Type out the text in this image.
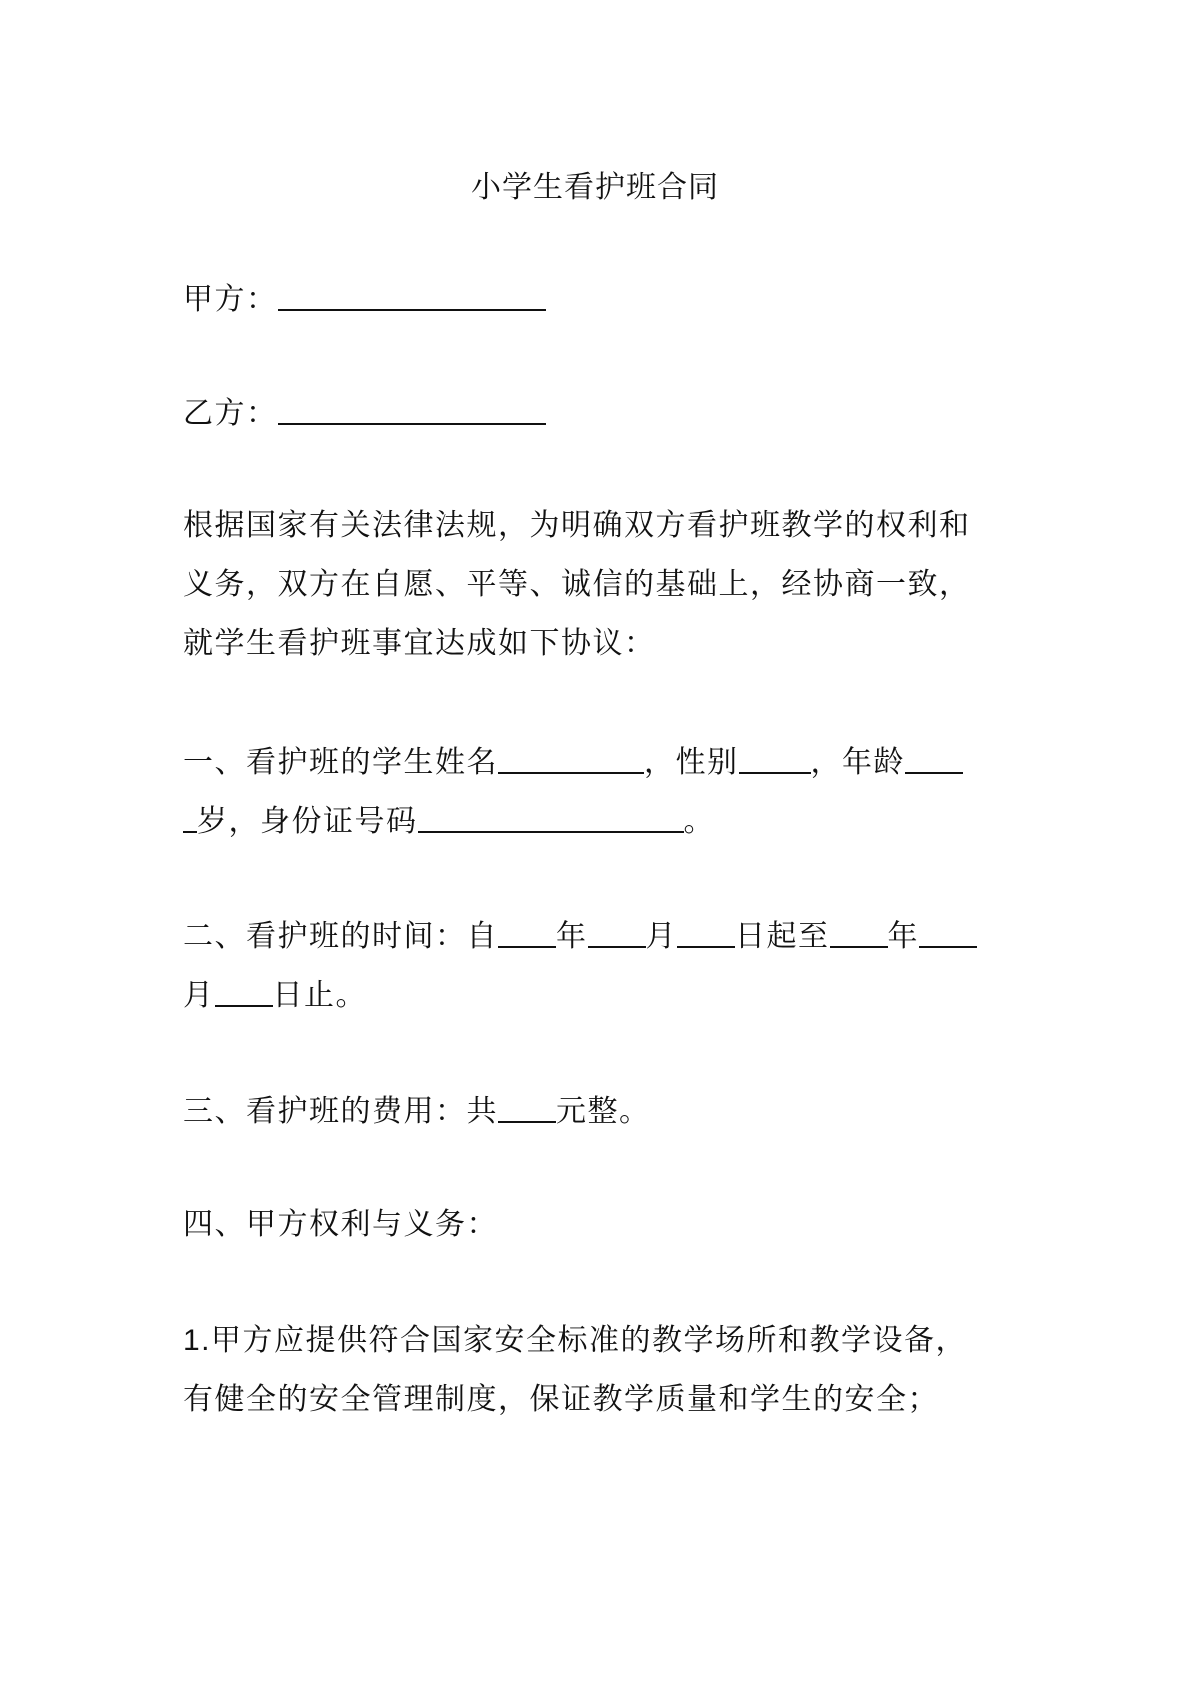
小学生看护班合同
甲方：
乙方：
根据国家有关法律法规，为明确双方看护班教学的权利和
义务，双方在自愿、平等、诚信的基础上，经协商一致，
就学生看护班事宜达成如下协议：
一、看护班的学生姓名	，性别 ，年龄
岁，身份证号码	。
二、看护班的时间：自 年 月 日起至 年
月 日止。
三、看护班的费用：共 元整。
四、甲方权利与义务：
1.甲方应提供符合国家安全标准的教学场所和教学设备，
有健全的安全管理制度，保证教学质量和学生的安全；
